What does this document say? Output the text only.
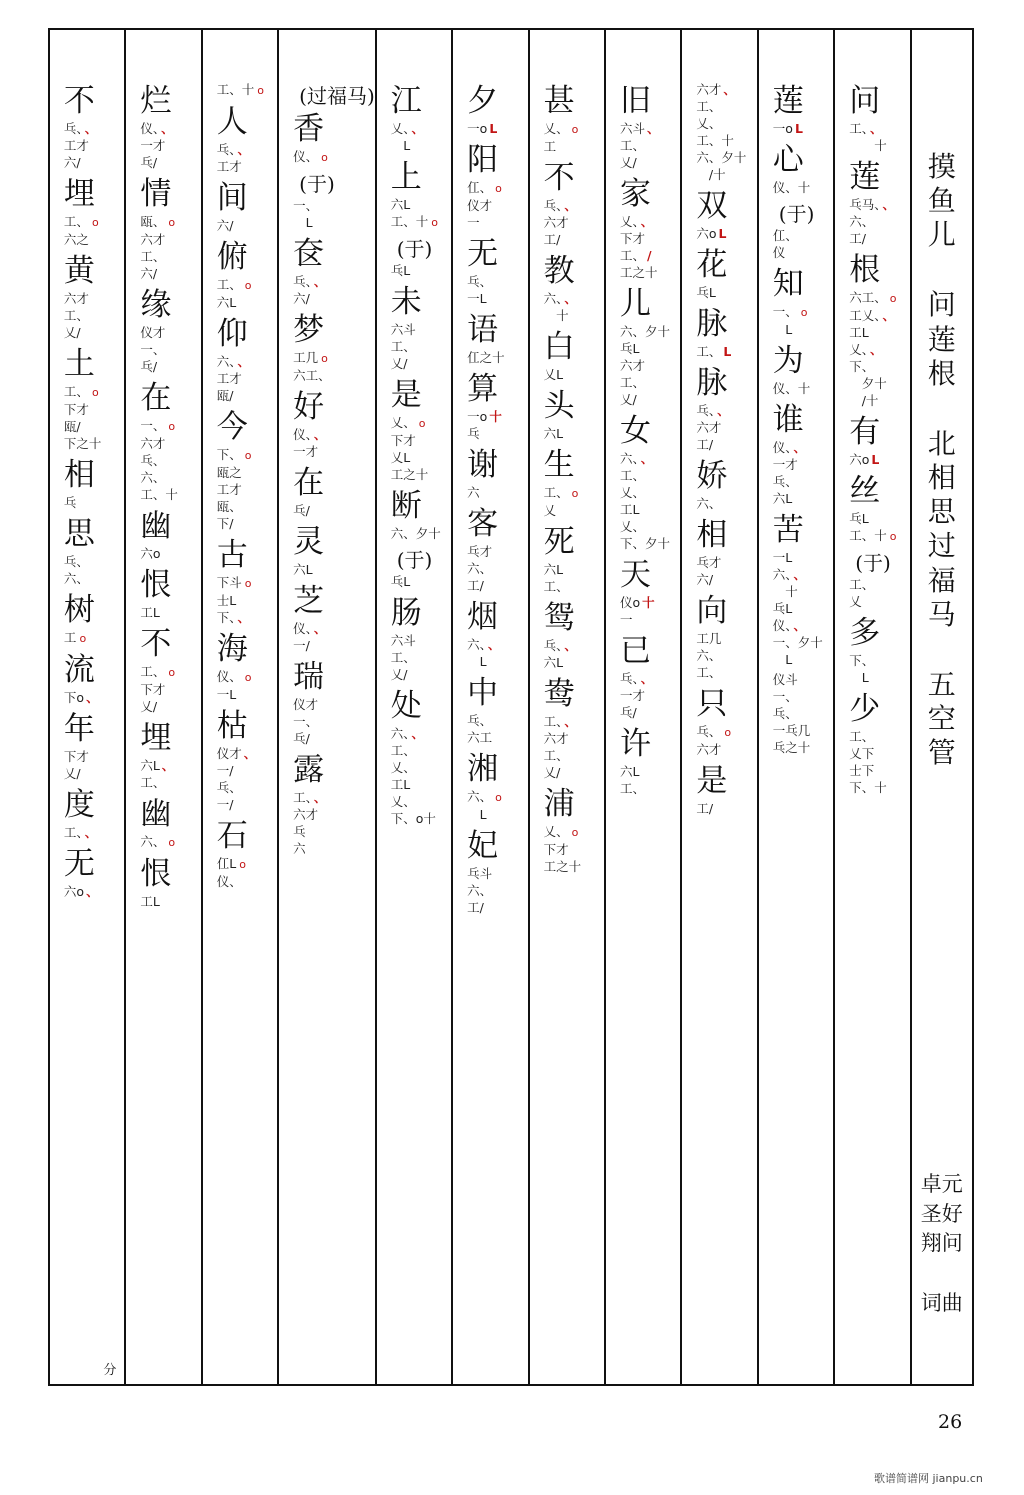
摸
鱼
儿
问
莲
根
北
相
思
过
福
马
五
空
管
卓元
圣好
翔问
词曲
问
工、 、
　　十
莲
乓马、 、
六、
工/
根
六工、 o
工乂、 、
工L
乂、 、
下、
　夕十
　/十
有
六o L
丝
乓L
工、十 o
(于)
工、
乂
多
下、
　L
少
工、
乂下
士下
下、十
莲
一o L
心
仪、十
(于)
仜、
仪
知
一、 o
　L
为
仪、十
谁
仪、 、
一才
乓、
六L
苦
一L
六、 、
　十
乓L
仪、 、
一、夕十
　L
仪斗
一、
乓、
一乓几
乓之十
六才 、
工、
乂、
工、十
六、夕十
　/十
双
六o L
花
乓L
脉
工、 L
脉
乓、 、
六才
工/
娇
六、
相
乓才
六/
向
工几
六、
工、
只
乓、 o
六才
是
工/
旧
六斗 、
工、
乂/
家
乂、 、
下才
工、 /
工之十
儿
六、夕十
乓L
六才
工、
乂/
女
六、 、
工、
乂、
工L
乂、
下、夕十
天
仪o 十
一
已
乓、 、
一才
乓/
许
六L
工、
甚
乂、 o
工
不
乓、 、
六才
工/
教
六、 、
　十
白
乂L
头
六L
生
工、 o
乂
死
六L
工、
鸳
乓、 、
六L
鸯
工、 、
六才
工、
乂/
浦
乂、 o
下才
工之十
夕
一o L
阳
仜、 o
仪才
一
无
乓、
一L
语
仜之十
算
一o 十
乓
谢
六
客
乓才
六、
工/
烟
六、 、
　L
中
乓、
六工
湘
六、 o
　L
妃
乓斗
六、
工/
江
乂、 、
　L
上
六L
工、十 o
(于)
乓L
未
六斗
工、
乂/
是
乂、 o
下才
乂L
工之十
断
六、夕十
(于)
乓L
肠
六斗
工、
乂/
处
六、 、
工、
乂、
工L
乂、
下、o十
(过福马)
香
仪、 o
(于)
一、
　L
奁
乓、 、
六/
梦
工几 o
六工、
好
仪、 、
一才
在
乓/
灵
六L
芝
仪、 、
一/
瑞
仪才
一、
乓/
露
工、 、
六才
乓
六
工、十 o
人
乓、 、
工才
间
六/
俯
工、 o
六L
仰
六、 、
工才
瓯/
今
下、 o
瓯之
工才
瓯、
下/
古
下斗 o
士L
下、 、
海
仪、 o
一L
枯
仪才 、
一/
乓、
一/
石
仜L o
仪、
烂
仪、 、
一才
乓/
情
瓯、 o
六才
工、
六/
缘
仪才
一、
乓/
在
一、 o
六才
乓、
六、
工、十
幽
六o
恨
工L
不
工、 o
下才
乂/
埋
六L 、
工、
幽
六、 o
恨
工L
不
乓、 、
工才
六/
埋
工、 o
六之
黄
六才
工、
乂/
土
工、 o
下才
瓯/
下之十
相
乓
思
乓、
六、
树
工 o
流
下o 、
年
下才
乂/
度
工、 、
无
六o 、
分
26
歌谱简谱网 jianpu.cn
